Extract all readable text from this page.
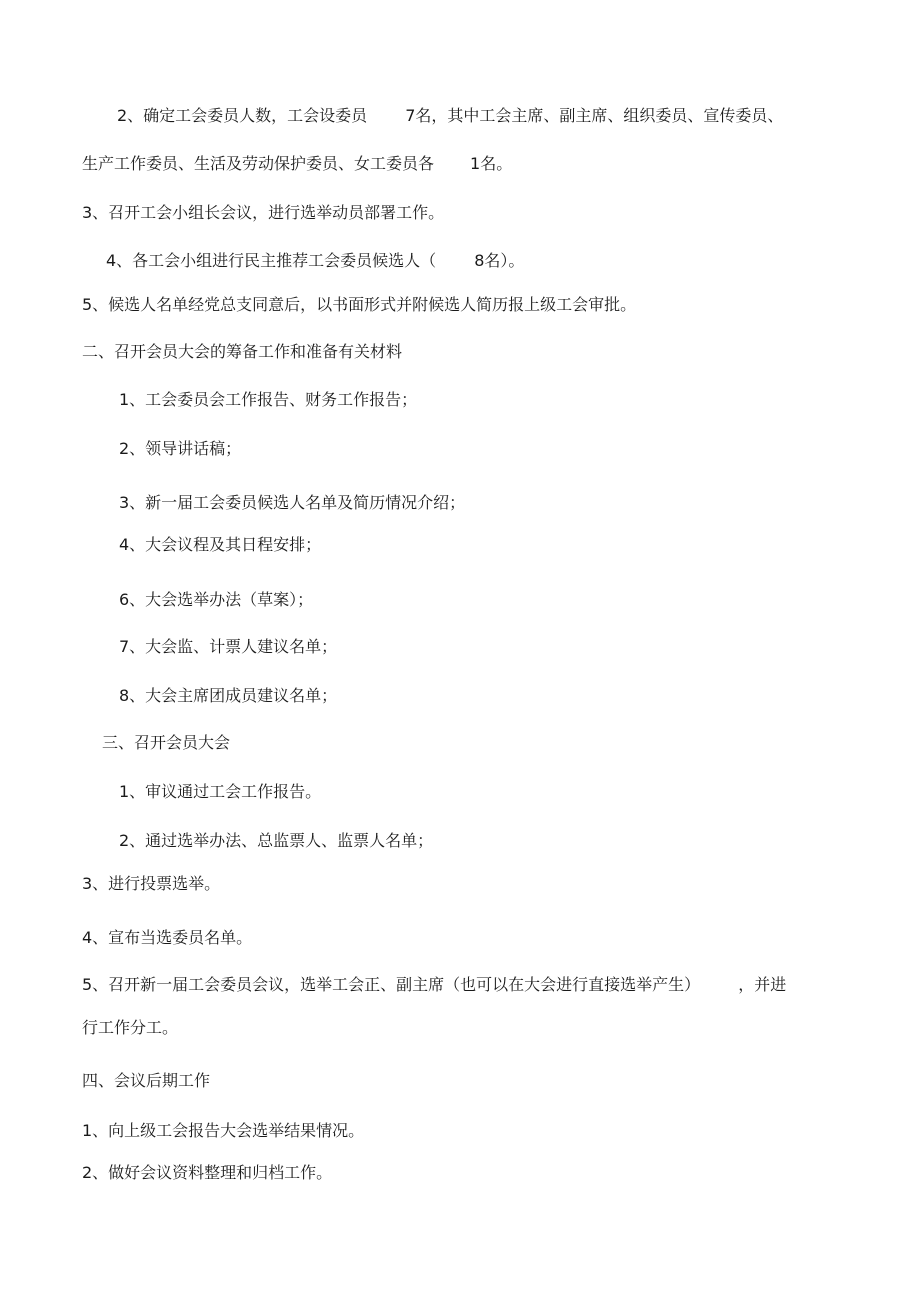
2、确定工会委员人数，工会设委员 7名，其中工会主席、副主席、组织委员、宣传委员、
生产工作委员、生活及劳动保护委员、女工委员各 1名。
3、召开工会小组长会议，进行选举动员部署工作。
4、各工会小组进行民主推荐工会委员候选人（ 8名）。
5、候选人名单经党总支同意后，以书面形式并附候选人简历报上级工会审批。
二、召开会员大会的筹备工作和准备有关材料
1、工会委员会工作报告、财务工作报告；
2、领导讲话稿；
3、新一届工会委员候选人名单及简历情况介绍；
4、大会议程及其日程安排；
6、大会选举办法（草案）；
7、大会监、计票人建议名单；
8、大会主席团成员建议名单；
三、召开会员大会
1、审议通过工会工作报告。
2、通过选举办法、总监票人、监票人名单；
3、进行投票选举。
4、宣布当选委员名单。
5、召开新一届工会委员会议，选举工会正、副主席（也可以在大会进行直接选举产生） ，并进
行工作分工。
四、会议后期工作
1、向上级工会报告大会选举结果情况。
2、做好会议资料整理和归档工作。
